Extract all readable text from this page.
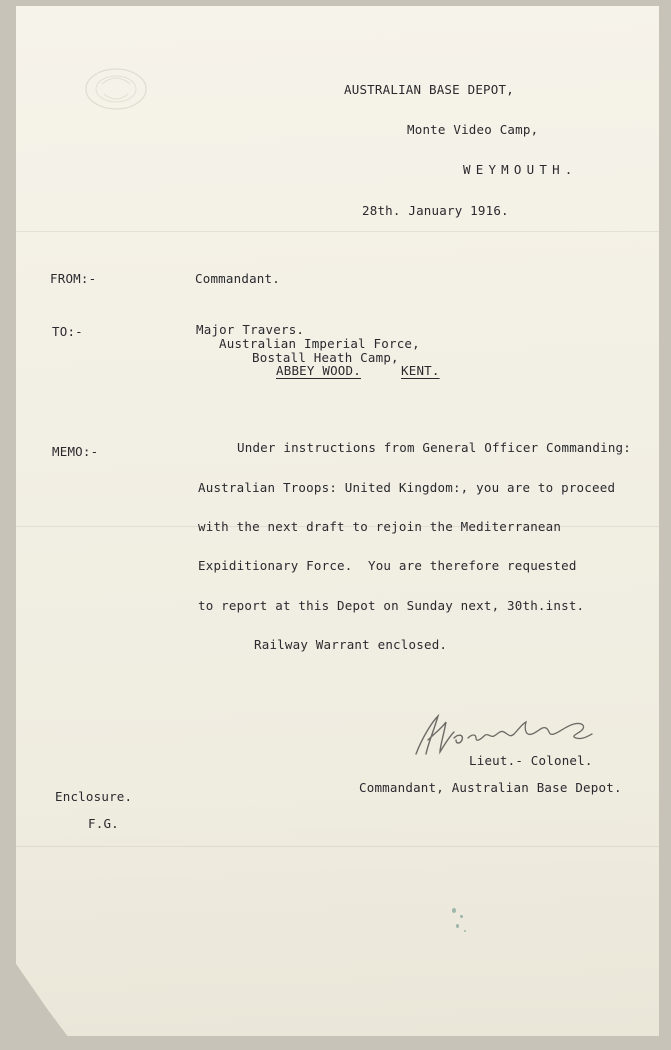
AUSTRALIAN BASE DEPOT,
Monte Video Camp,
WEYMOUTH.
28th. January 1916.
FROM:-	Commandant.
TO:-	Major Travers.
Australian Imperial Force,
Bostall Heath Camp,
ABBEY WOOD.	KENT.
MEMO:-	Under instructions from General Officer Commanding:
Australian Troops: United Kingdom:, you are to proceed
with the next draft to rejoin the Mediterranean
Expiditionary Force.  You are therefore requested
to report at this Depot on Sunday next, 30th.inst.
Railway Warrant enclosed.
Lieut.- Colonel.
Commandant, Australian Base Depot.
Enclosure.
F.G.
